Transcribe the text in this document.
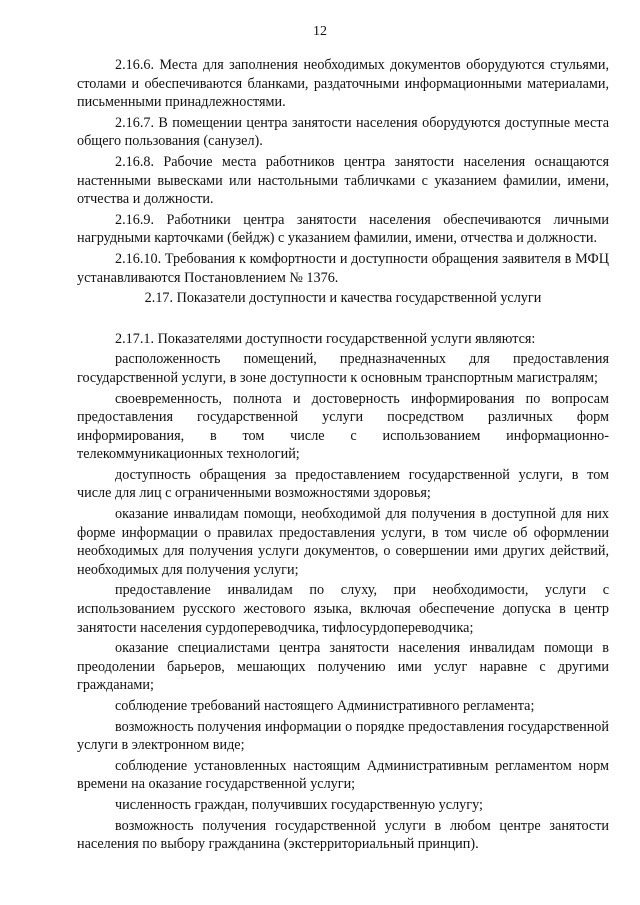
12

2.16.6. Места для заполнения необходимых документов оборудуются стульями, столами и обеспечиваются бланками, раздаточными информационными материалами, письменными принадлежностями.

2.16.7. В помещении центра занятости населения оборудуются доступные места общего пользования (санузел).

2.16.8. Рабочие места работников центра занятости населения оснащаются настенными вывесками или настольными табличками с указанием фамилии, имени, отчества и должности.

2.16.9. Работники центра занятости населения обеспечиваются личными нагрудными карточками (бейдж) с указанием фамилии, имени, отчества и должности.

2.16.10. Требования к комфортности и доступности обращения заявителя в МФЦ устанавливаются Постановлением № 1376.

2.17. Показатели доступности и качества государственной услуги

2.17.1. Показателями доступности государственной услуги являются:

расположенность помещений, предназначенных для предоставления государственной услуги, в зоне доступности к основным транспортным магистралям;

своевременность, полнота и достоверность информирования по вопросам предоставления государственной услуги посредством различных форм информирования, в том числе с использованием информационно-телекоммуникационных технологий;

доступность обращения за предоставлением государственной услуги, в том числе для лиц с ограниченными возможностями здоровья;

оказание инвалидам помощи, необходимой для получения в доступной для них форме информации о правилах предоставления услуги, в том числе об оформлении необходимых для получения услуги документов, о совершении ими других действий, необходимых для получения услуги;

предоставление инвалидам по слуху, при необходимости, услуги с использованием русского жестового языка, включая обеспечение допуска в центр занятости населения сурдопереводчика, тифлосурдопереводчика;

оказание специалистами центра занятости населения инвалидам помощи в преодолении барьеров, мешающих получению ими услуг наравне с другими гражданами;

соблюдение требований настоящего Административного регламента;

возможность получения информации о порядке предоставления государственной услуги в электронном виде;

соблюдение установленных настоящим Административным регламентом норм времени на оказание государственной услуги;

численность граждан, получивших государственную услугу;

возможность получения государственной услуги в любом центре занятости населения по выбору гражданина (экстерриториальный принцип).
